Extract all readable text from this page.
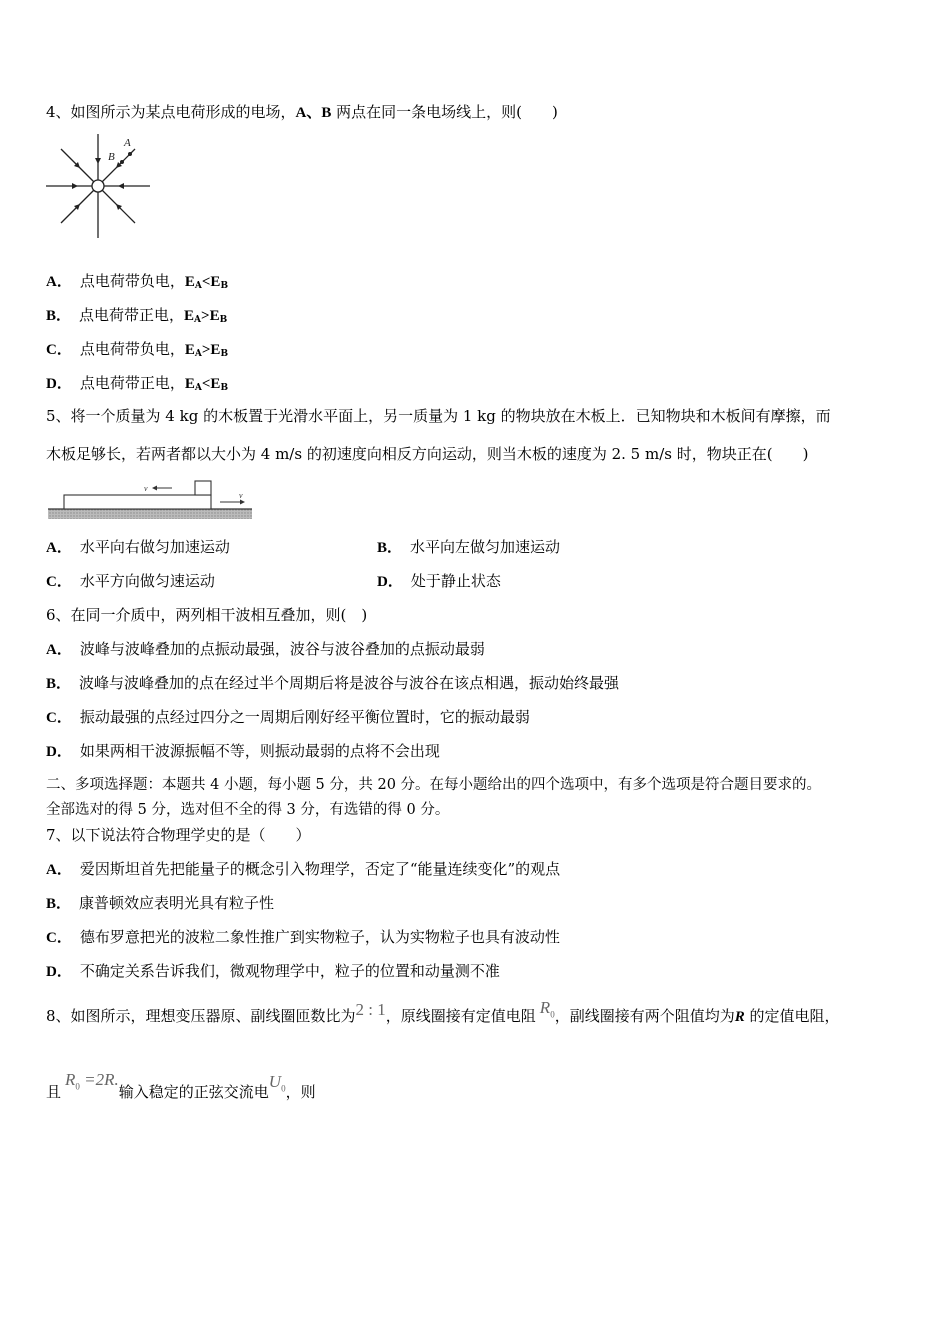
4、如图所示为某点电荷形成的电场，A、B 两点在同一条电场线上，则(　　)
B
A
A． 点电荷带负电，$E_A<E_B$
B． 点电荷带正电，$E_A>E_B$
C． 点电荷带负电，$E_A>E_B$
D． 点电荷带正电，$E_A<E_B$
5、将一个质量为 4 kg 的木板置于光滑水平面上，另一质量为 1 kg 的物块放在木板上．已知物块和木板间有摩擦，而
木板足够长，若两者都以大小为 4 m/s 的初速度向相反方向运动，则当木板的速度为 2. 5 m/s 时，物块正在(　　)
v
v
A． 水平向右做匀加速运动	B． 水平向左做匀加速运动
C． 水平方向做匀速运动	D． 处于静止状态
6、在同一介质中，两列相干波相互叠加，则(　)
A． 波峰与波峰叠加的点振动最强，波谷与波谷叠加的点振动最弱
B． 波峰与波峰叠加的点在经过半个周期后将是波谷与波谷在该点相遇，振动始终最强
C． 振动最强的点经过四分之一周期后刚好经平衡位置时，它的振动最弱
D． 如果两相干波源振幅不等，则振动最弱的点将不会出现
二、多项选择题：本题共 4 小题，每小题 5 分，共 20 分。在每小题给出的四个选项中，有多个选项是符合题目要求的。
全部选对的得 5 分，选对但不全的得 3 分，有选错的得 0 分。
7、以下说法符合物理学史的是（　　）
A． 爱因斯坦首先把能量子的概念引入物理学，否定了“能量连续变化”的观点
B． 康普顿效应表明光具有粒子性
C． 德布罗意把光的波粒二象性推广到实物粒子，认为实物粒子也具有波动性
D． 不确定关系告诉我们，微观物理学中，粒子的位置和动量测不准
8、如图所示，理想变压器原、副线圈匝数比为2 : 1，原线圈接有定值电阻 $R_0$，副线圈接有两个阻值均为R 的定值电阻，
且$R_0 =2R$.输入稳定的正弦交流电$U_0$，则
